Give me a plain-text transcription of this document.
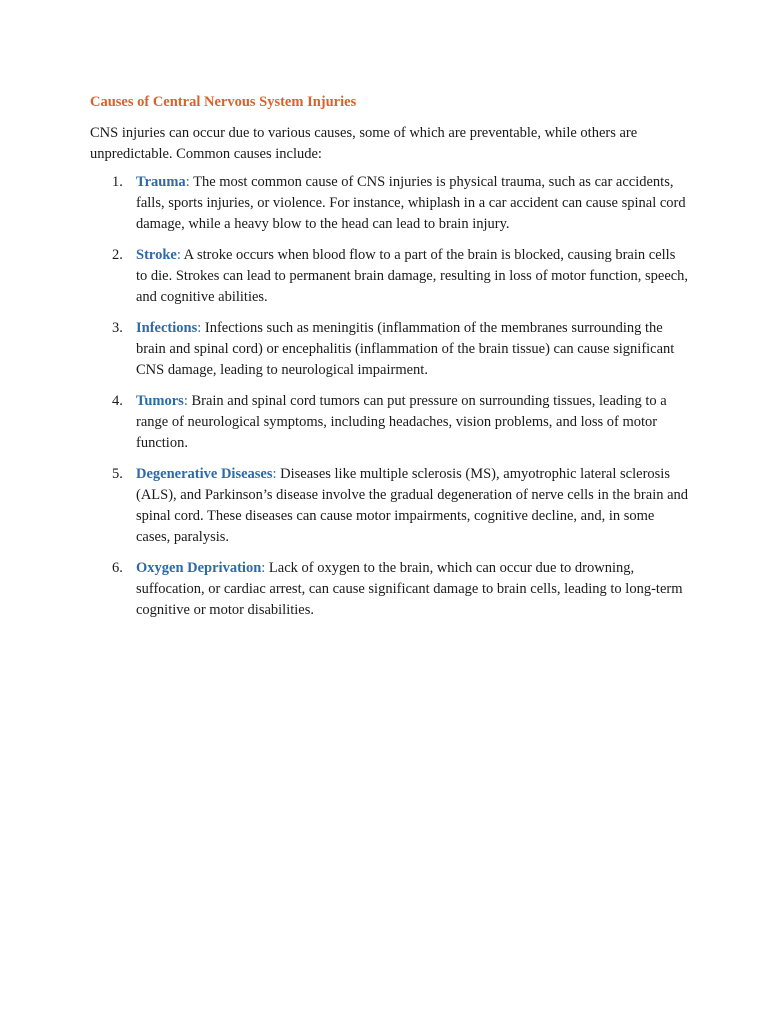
Causes of Central Nervous System Injuries

CNS injuries can occur due to various causes, some of which are preventable, while others are unpredictable. Common causes include:

1. Trauma: The most common cause of CNS injuries is physical trauma, such as car accidents, falls, sports injuries, or violence. For instance, whiplash in a car accident can cause spinal cord damage, while a heavy blow to the head can lead to brain injury.
2. Stroke: A stroke occurs when blood flow to a part of the brain is blocked, causing brain cells to die. Strokes can lead to permanent brain damage, resulting in loss of motor function, speech, and cognitive abilities.
3. Infections: Infections such as meningitis (inflammation of the membranes surrounding the brain and spinal cord) or encephalitis (inflammation of the brain tissue) can cause significant CNS damage, leading to neurological impairment.
4. Tumors: Brain and spinal cord tumors can put pressure on surrounding tissues, leading to a range of neurological symptoms, including headaches, vision problems, and loss of motor function.
5. Degenerative Diseases: Diseases like multiple sclerosis (MS), amyotrophic lateral sclerosis (ALS), and Parkinson’s disease involve the gradual degeneration of nerve cells in the brain and spinal cord. These diseases can cause motor impairments, cognitive decline, and, in some cases, paralysis.
6. Oxygen Deprivation: Lack of oxygen to the brain, which can occur due to drowning, suffocation, or cardiac arrest, can cause significant damage to brain cells, leading to long-term cognitive or motor disabilities.
